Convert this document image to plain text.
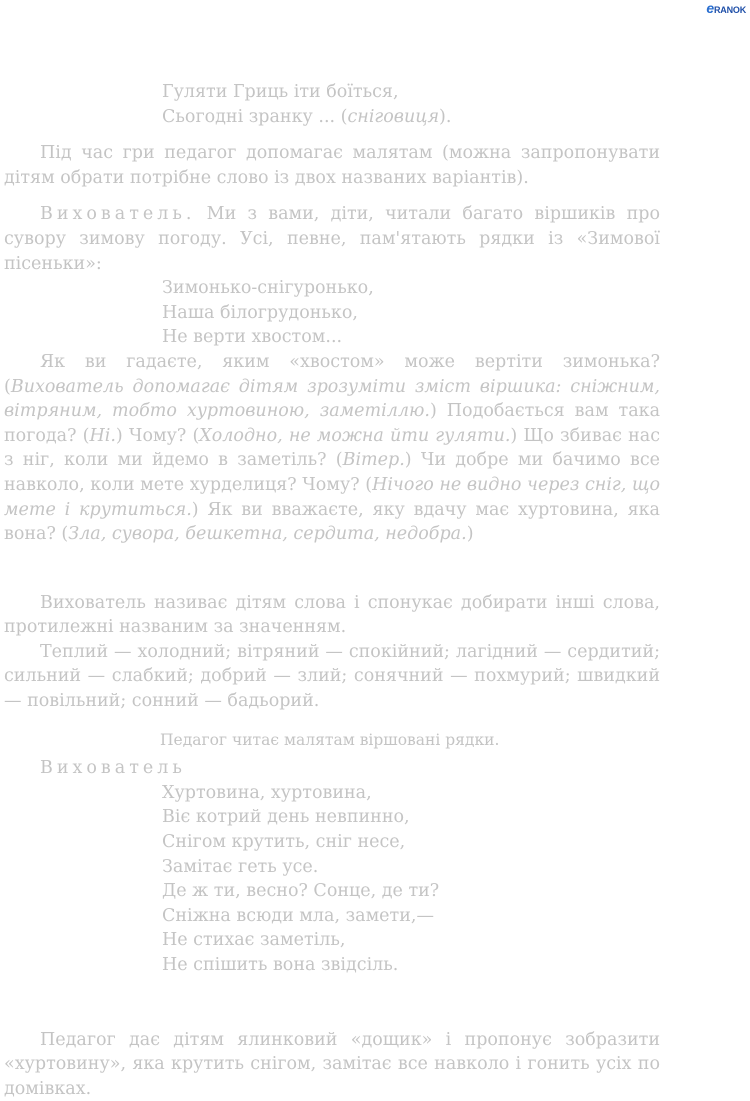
eRANOK
Гуляти Гриць іти боїться,
Сьогодні зранку ... (сніговиця).

Під час гри педагог допомагає малятам (можна запропонувати дітям обрати потрібне слово із двох названих варіантів).

Вихователь. Ми з вами, діти, читали багато віршиків про сувору зимову погоду. Усі, певне, пам'ятають рядки із «Зимової пісеньки»:

Зимонько-снігуронько,
Наша білогрудонько,
Не верти хвостом...

Як ви гадаєте, яким «хвостом» може вертіти зимонька? (Вихователь допомагає дітям зрозуміти зміст віршика: сніжним, вітряним, тобто хуртовиною, заметіллю.) Подобається вам така погода? (Ні.) Чому? (Холодно, не можна йти гуляти.) Що збиває нас з ніг, коли ми йдемо в заметіль? (Вітер.) Чи добре ми бачимо все навколо, коли мете хурделиця? Чому? (Нічого не видно через сніг, що мете і крутиться.) Як ви вважаєте, яку вдачу має хуртовина, яка вона? (Зла, сувора, бешкетна, сердита, недобра.)

Вихователь називає дітям слова і спонукає добирати інші слова, протилежні названим за значенням.

Теплий — холодний; вітряний — спокійний; лагідний — сердитий; сильний — слабкий; добрий — злий; сонячний — похмурий; швидкий — повільний; сонний — бадьорий.

Педагог читає малятам віршовані рядки.

Вихователь

Хуртовина, хуртовина,
Віє котрий день невпинно,
Снігом крутить, сніг несе,
Замітає геть усе.
Де ж ти, весно? Сонце, де ти?
Сніжна всюди мла, замети,—
Не стихає заметіль,
Не спішить вона звідсіль.

Педагог дає дітям ялинковий «дощик» і пропонує зобразити «хуртовину», яка крутить снігом, замітає все навколо і гонить усіх по домівках.
